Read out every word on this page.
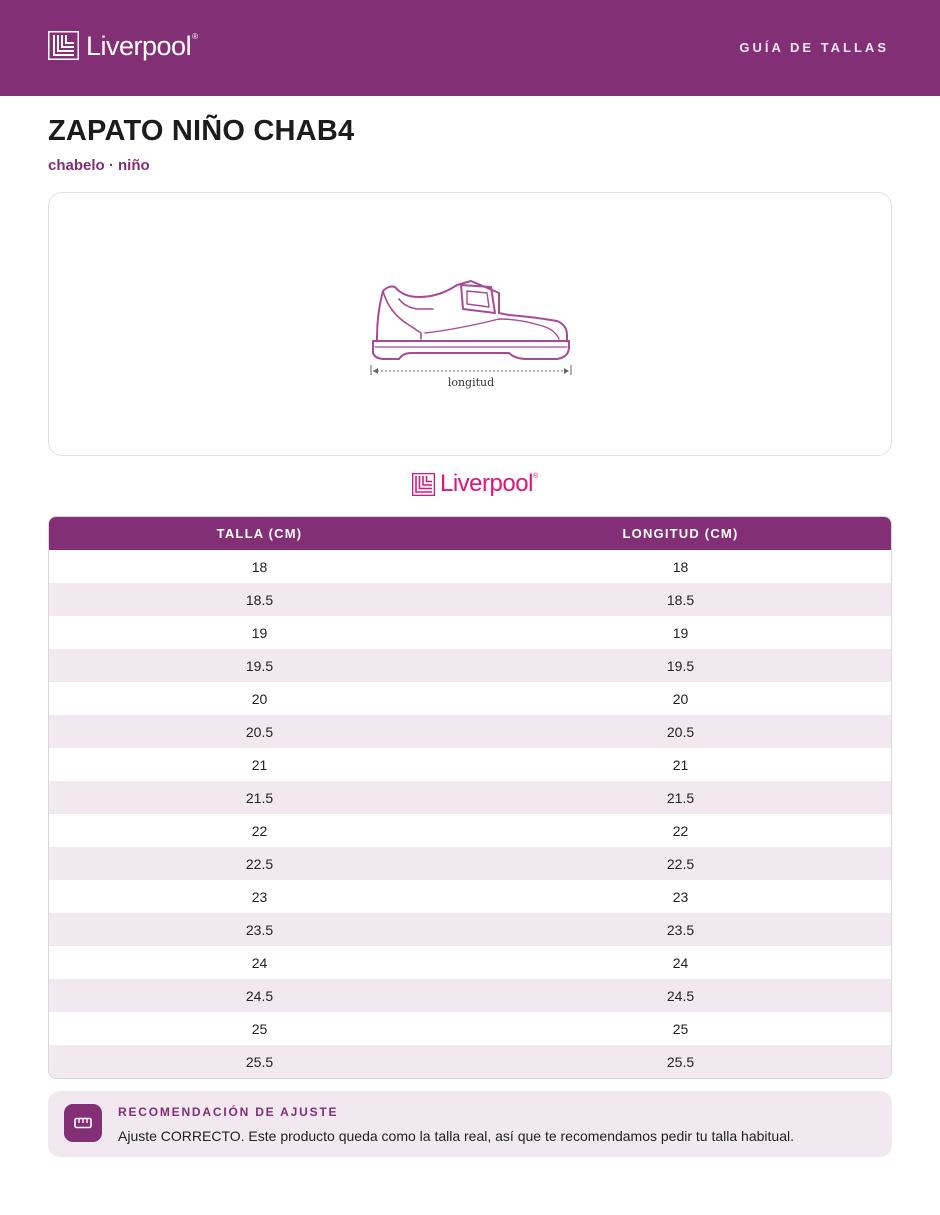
Liverpool ®
GUÍA DE TALLAS
ZAPATO NIÑO CHAB4
chabelo · niño
longitud
Liverpool ®
TALLA (CM)	LONGITUD (CM)
18	18
18.5	18.5
19	19
19.5	19.5
20	20
20.5	20.5
21	21
21.5	21.5
22	22
22.5	22.5
23	23
23.5	23.5
24	24
24.5	24.5
25	25
25.5	25.5
RECOMENDACIÓN DE AJUSTE
Ajuste CORRECTO. Este producto queda como la talla real, así que te recomendamos pedir tu talla habitual.
